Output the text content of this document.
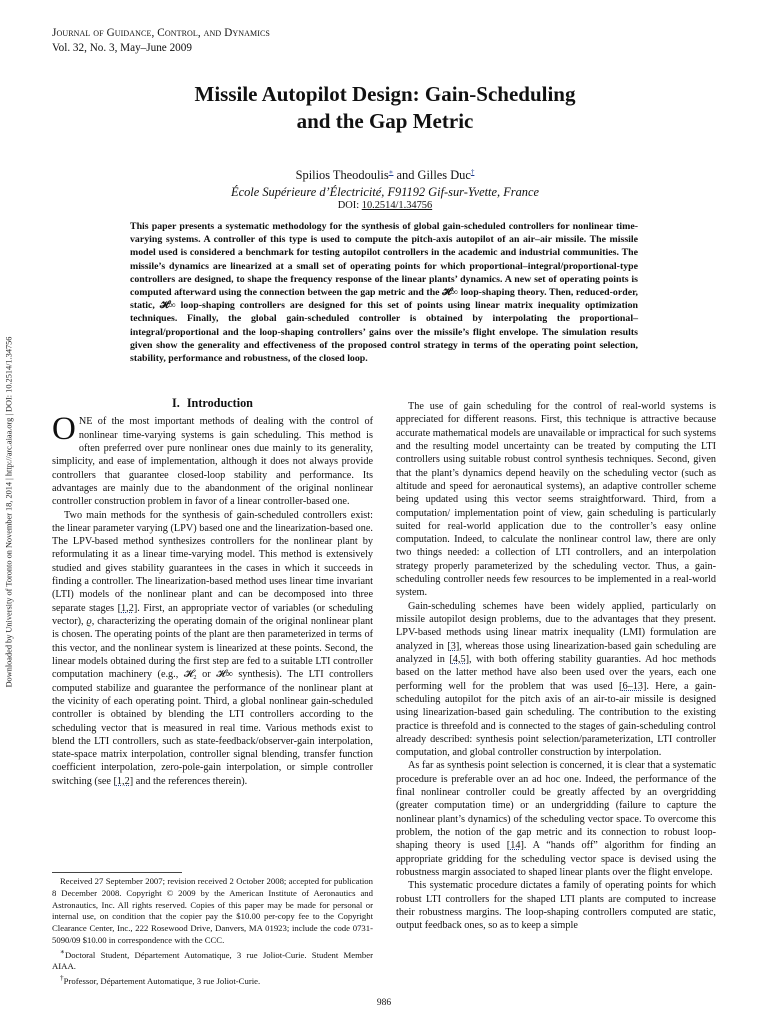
Journal of Guidance, Control, and Dynamics
Vol. 32, No. 3, May–June 2009
Downloaded by University of Toronto on November 18, 2014 | http://arc.aiaa.org | DOI: 10.2514/1.34756
Missile Autopilot Design: Gain-Scheduling
and the Gap Metric
Spilios Theodoulis∗ and Gilles Duc†
École Supérieure d’Électricité, F91192 Gif-sur-Yvette, France
DOI: 10.2514/1.34756
This paper presents a systematic methodology for the synthesis of global gain-scheduled controllers for nonlinear time-varying systems. A controller of this type is used to compute the pitch-axis autopilot of an air–air missile. The missile model used is considered a benchmark for testing autopilot controllers in the academic and industrial communities. The missile’s dynamics are linearized at a small set of operating points for which proportional–integral/proportional-type controllers are designed, to shape the frequency response of the linear plants’ dynamics. A new set of operating points is computed afterward using the connection between the gap metric and the 𝓗∞ loop-shaping theory. Then, reduced-order, static, 𝓗∞ loop-shaping controllers are designed for this set of points using linear matrix inequality optimization techniques. Finally, the global gain-scheduled controller is obtained by interpolating the proportional–integral/proportional and the loop-shaping controllers’ gains over the missile’s flight envelope. The simulation results given show the generality and effectiveness of the proposed control strategy in terms of the operating point selection, stability, performance and robustness, of the closed loop.
I. Introduction

ONE of the most important methods of dealing with the control of nonlinear time-varying systems is gain scheduling. This method is often preferred over pure nonlinear ones due mainly to its generality, simplicity, and ease of implementation, although it does not always provide controllers that guarantee closed-loop stability and performance. Its advantages are mainly due to the abandonment of the original nonlinear controller construction problem in favor of a linear controller-based one.

Two main methods for the synthesis of gain-scheduled controllers exist: the linear parameter varying (LPV) based one and the linearization-based one. The LPV-based method synthesizes controllers for the nonlinear plant by reformulating it as a linear time-varying model. This method is extensively studied and gives stability guarantees in the cases in which it succeeds in finding a controller. The linearization-based method uses linear time invariant (LTI) models of the nonlinear plant and can be decomposed into three separate stages [1,2]. First, an appropriate vector of variables (or scheduling vector), ϱ, characterizing the operating domain of the original nonlinear plant is chosen. The operating points of the plant are then parameterized in terms of this vector, and the nonlinear system is linearized at these points. Second, the linear models obtained during the first step are fed to a suitable LTI controller computation machinery (e.g., 𝓗₂ or 𝓗∞ synthesis). The LTI controllers computed stabilize and guarantee the performance of the nonlinear plant at the vicinity of each operating point. Third, a global nonlinear gain-scheduled controller is obtained by blending the LTI controllers according to the scheduling vector that is measured in real time. Various methods exist to blend the LTI controllers, such as state-feedback/observer-gain interpolation, state-space matrix interpolation, controller signal blending, transfer function coefficient interpolation, zero-pole-gain interpolation, or simple controller switching (see [1,2] and the references therein).

Received 27 September 2007; revision received 2 October 2008; accepted for publication 8 December 2008. Copyright © 2009 by the American Institute of Aeronautics and Astronautics, Inc. All rights reserved. Copies of this paper may be made for personal or internal use, on condition that the copier pay the $10.00 per-copy fee to the Copyright Clearance Center, Inc., 222 Rosewood Drive, Danvers, MA 01923; include the code 0731-5090/09 $10.00 in correspondence with the CCC.

∗Doctoral Student, Département Automatique, 3 rue Joliot-Curie. Student Member AIAA.

†Professor, Département Automatique, 3 rue Joliot-Curie.

The use of gain scheduling for the control of real-world systems is appreciated for different reasons. First, this technique is attractive because accurate mathematical models are unavailable or impractical for such systems and the resulting model uncertainty can be treated by computing the LTI controllers using suitable robust control synthesis techniques. Second, given that the plant’s dynamics depend heavily on the scheduling vector (such as altitude and speed for aeronautical systems), an adaptive controller scheme being updated using this vector seems straightforward. Third, from a computation/ implementation point of view, gain scheduling is particularly suited for real-world application due to the controller’s easy online computation. Indeed, to calculate the nonlinear control law, there are only two things needed: a collection of LTI controllers, and an interpolation strategy properly parameterized by the scheduling vector. Thus, a gain-scheduling controller needs few resources to be implemented in a real-world system.

Gain-scheduling schemes have been widely applied, particularly on missile autopilot design problems, due to the advantages that they present. LPV-based methods using linear matrix inequality (LMI) formulation are analyzed in [3], whereas those using linearization-based gain scheduling are analyzed in [4,5], with both offering stability guaranties. Ad hoc methods based on the latter method have also been used over the years, each one performing well for the problem that was used [6–13]. Here, a gain-scheduling autopilot for the pitch axis of an air-to-air missile is designed using linearization-based gain scheduling. The contribution to the existing practice is threefold and is connected to the stages of gain-scheduling control already described: synthesis point selection/parameterization, LTI controller computation, and global controller construction by interpolation.

As far as synthesis point selection is concerned, it is clear that a systematic procedure is preferable over an ad hoc one. Indeed, the performance of the final nonlinear controller could be greatly affected by an overgridding (greater computation time) or an undergridding (failure to capture the nonlinear plant’s dynamics) of the scheduling vector space. To overcome this problem, the notion of the gap metric and its connection to robust loop-shaping theory is used [14]. A “hands off” algorithm for finding an appropriate gridding for the scheduling vector space is devised using the robustness margin associated to shaped linear plants over the flight envelope.

This systematic procedure dictates a family of operating points for which robust LTI controllers for the shaped LTI plants are computed to increase their robustness margins. The loop-shaping controllers computed are static, output feedback ones, so as to keep a simple

986
